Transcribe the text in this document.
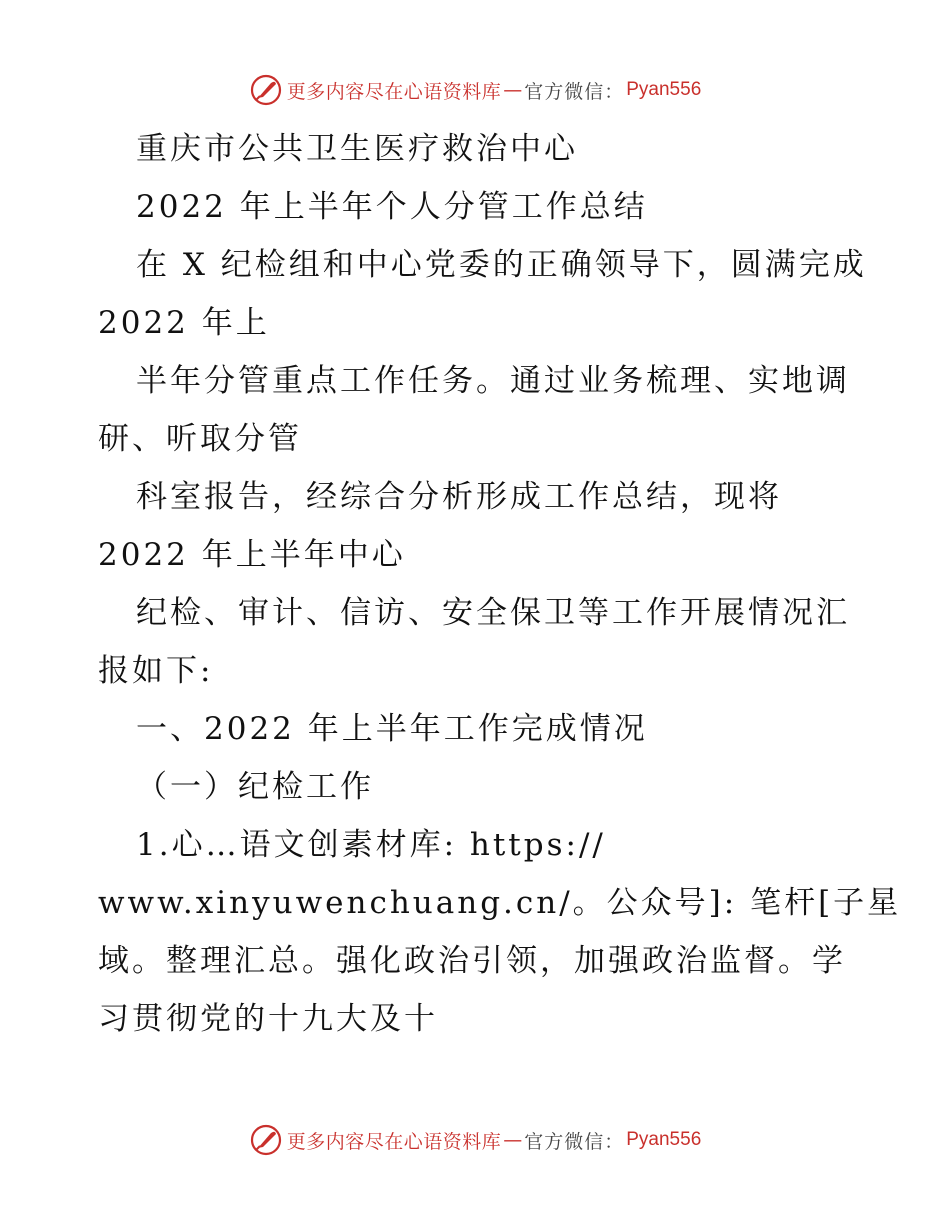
更多内容尽在心语资料库 — 官方微信： Pyan556
重庆市公共卫生医疗救治中心
2022 年上半年个人分管工作总结
在 X 纪检组和中心党委的正确领导下，圆满完成
2022 年上
半年分管重点工作任务。通过业务梳理、实地调
研、听取分管
科室报告，经综合分析形成工作总结，现将
2022 年上半年中心
纪检、审计、信访、安全保卫等工作开展情况汇
报如下:
一、2022 年上半年工作完成情况
（一）纪检工作
1.心…语文创素材库: https://
www.xinyuwenchuang.cn/。公众号]: 笔杆[子星
域。整理汇总。强化政治引领，加强政治监督。学
习贯彻党的十九大及十
更多内容尽在心语资料库 — 官方微信： Pyan556
